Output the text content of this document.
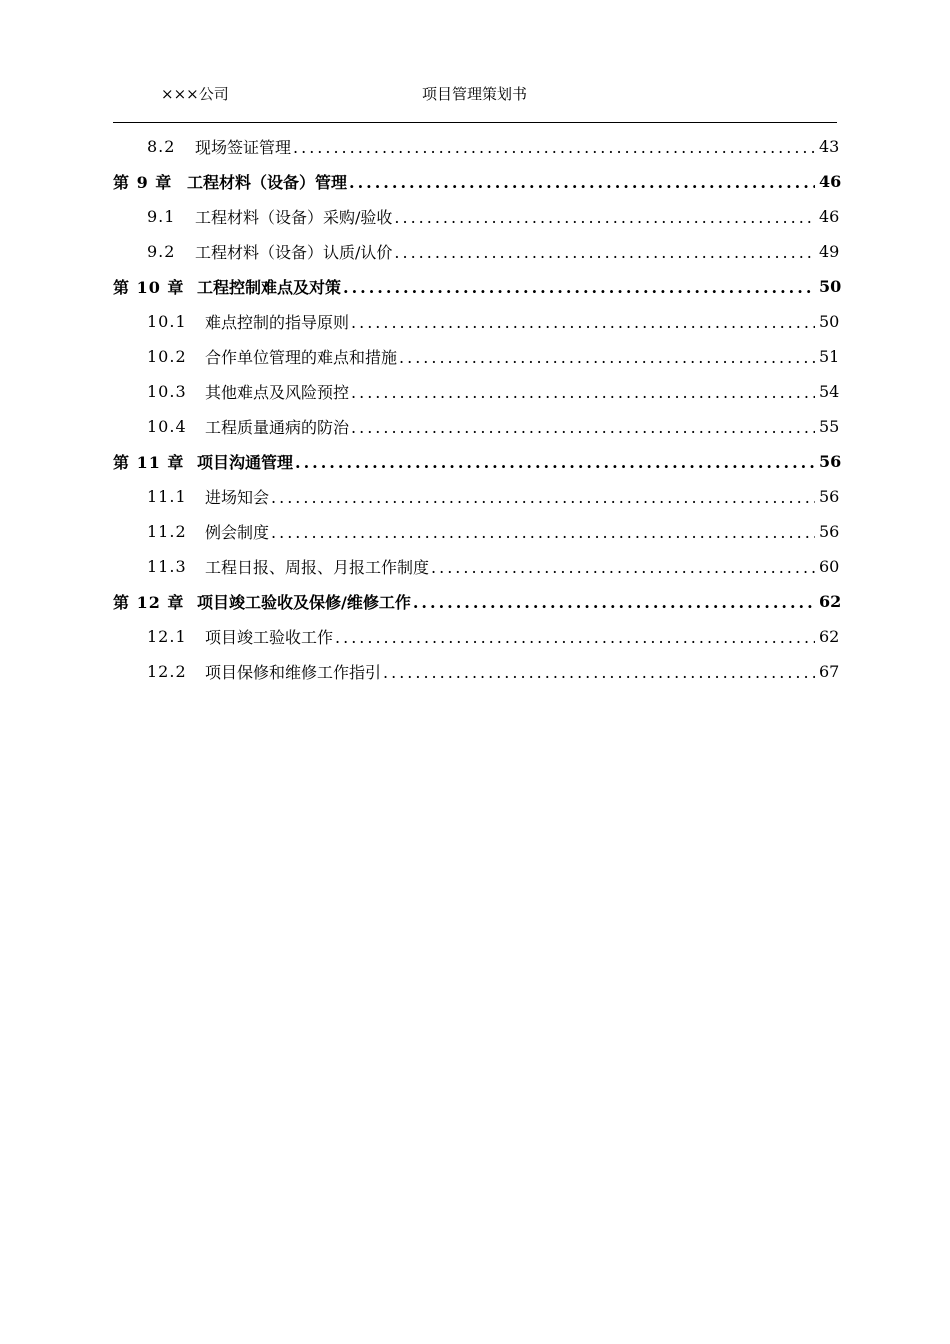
×××公司	项目管理策划书
8.2	现场签证管理 .....	43
第 9 章 工程材料（设备）管理 .....	46
9.1	工程材料（设备）采购/验收 .....	46
9.2	工程材料（设备）认质/认价 .....	49
第 10 章 工程控制难点及对策 .....	50
10.1	难点控制的指导原则 .....	50
10.2	合作单位管理的难点和措施 .....	51
10.3	其他难点及风险预控 .....	54
10.4	工程质量通病的防治 .....	55
第 11 章 项目沟通管理 .....	56
11.1	进场知会 .....	56
11.2	例会制度 .....	56
11.3	工程日报、周报、月报工作制度 .....	60
第 12 章 项目竣工验收及保修/维修工作 .....	62
12.1	项目竣工验收工作 .....	62
12.2	项目保修和维修工作指引 .....	67
